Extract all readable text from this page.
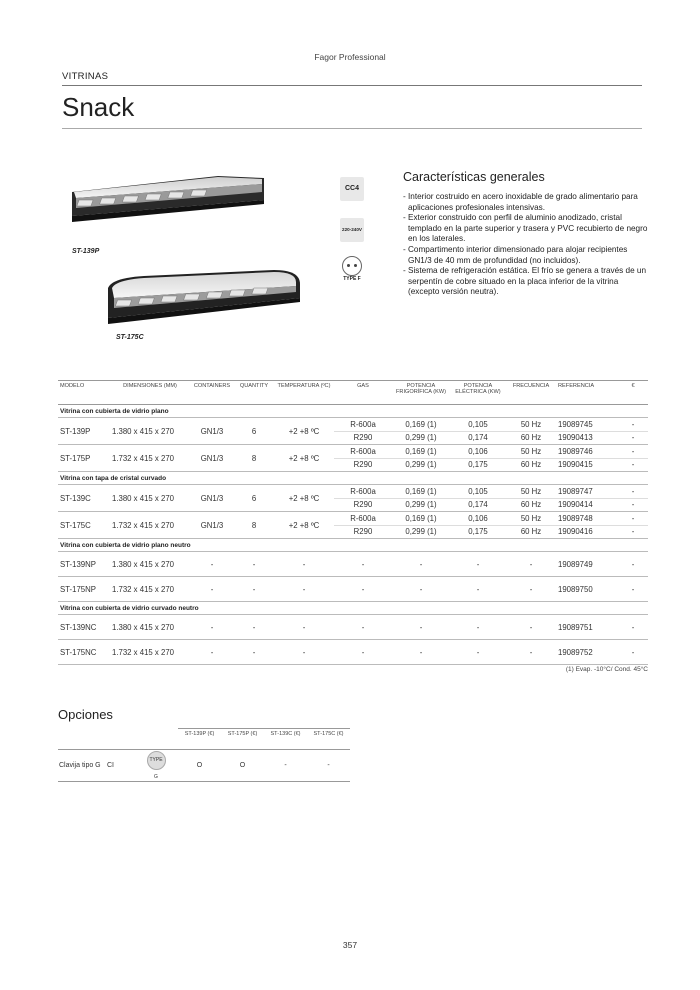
Fagor Professional
VITRINAS
Snack
ST-139P
ST-175C
CC4
220-240V
TYPE F
Características generales
- Interior costruido en acero inoxidable de grado alimentario para aplicaciones profesionales intensivas.
- Exterior construido con perfil de aluminio anodizado, cristal templado en la parte superior y trasera y PVC recubierto de negro en los laterales.
- Compartimento interior dimensionado para alojar recipientes GN1/3 de 40 mm de profundidad (no incluidos).
- Sistema de refrigeración estática. El frío se genera a través de un serpentín de cobre situado en la placa inferior de la vitrina (excepto versión neutra).
MODELO	DIMENSIONES (MM)	CONTAINERS	QUANTITY	TEMPERATURA (ºC)	GAS	POTENCIA FRIGORÍFICA (KW)	POTENCIA ELÉCTRICA (KW)	FRECUENCIA	REFERENCIA	€
Vitrina con cubierta de vidrio plano										
ST-139P	1.380 x 415 x 270	GN1/3	6	+2 +8 ºC	R-600a	0,169 (1)	0,105	50 Hz	19089745	-
					R290	0,299 (1)	0,174	60 Hz	19090413	-
ST-175P	1.732 x 415 x 270	GN1/3	8	+2 +8 ºC	R-600a	0,169 (1)	0,106	50 Hz	19089746	-
					R290	0,299 (1)	0,175	60 Hz	19090415	-
Vitrina con tapa de cristal curvado										
ST-139C	1.380 x 415 x 270	GN1/3	6	+2 +8 ºC	R-600a	0,169 (1)	0,105	50 Hz	19089747	-
					R290	0,299 (1)	0,174	60 Hz	19090414	-
ST-175C	1.732 x 415 x 270	GN1/3	8	+2 +8 ºC	R-600a	0,169 (1)	0,106	50 Hz	19089748	-
					R290	0,299 (1)	0,175	60 Hz	19090416	-
Vitrina con cubierta de vidrio plano neutro										
ST-139NP	1.380 x 415 x 270	-	-	-	-	-	-	-	19089749	-
ST-175NP	1.732 x 415 x 270	-	-	-	-	-	-	-	19089750	-
Vitrina con cubierta de vidrio curvado neutro										
ST-139NC	1.380 x 415 x 270	-	-	-	-	-	-	-	19089751	-
ST-175NC	1.732 x 415 x 270	-	-	-	-	-	-	-	19089752	-
(1) Evap. -10°C/ Cond. 45°C
Opciones
			ST-139P (€)	ST-175P (€)	ST-139C (€)	ST-175C (€)
Clavija tipo G	CI	TYPE G	O	O	-	-
357
